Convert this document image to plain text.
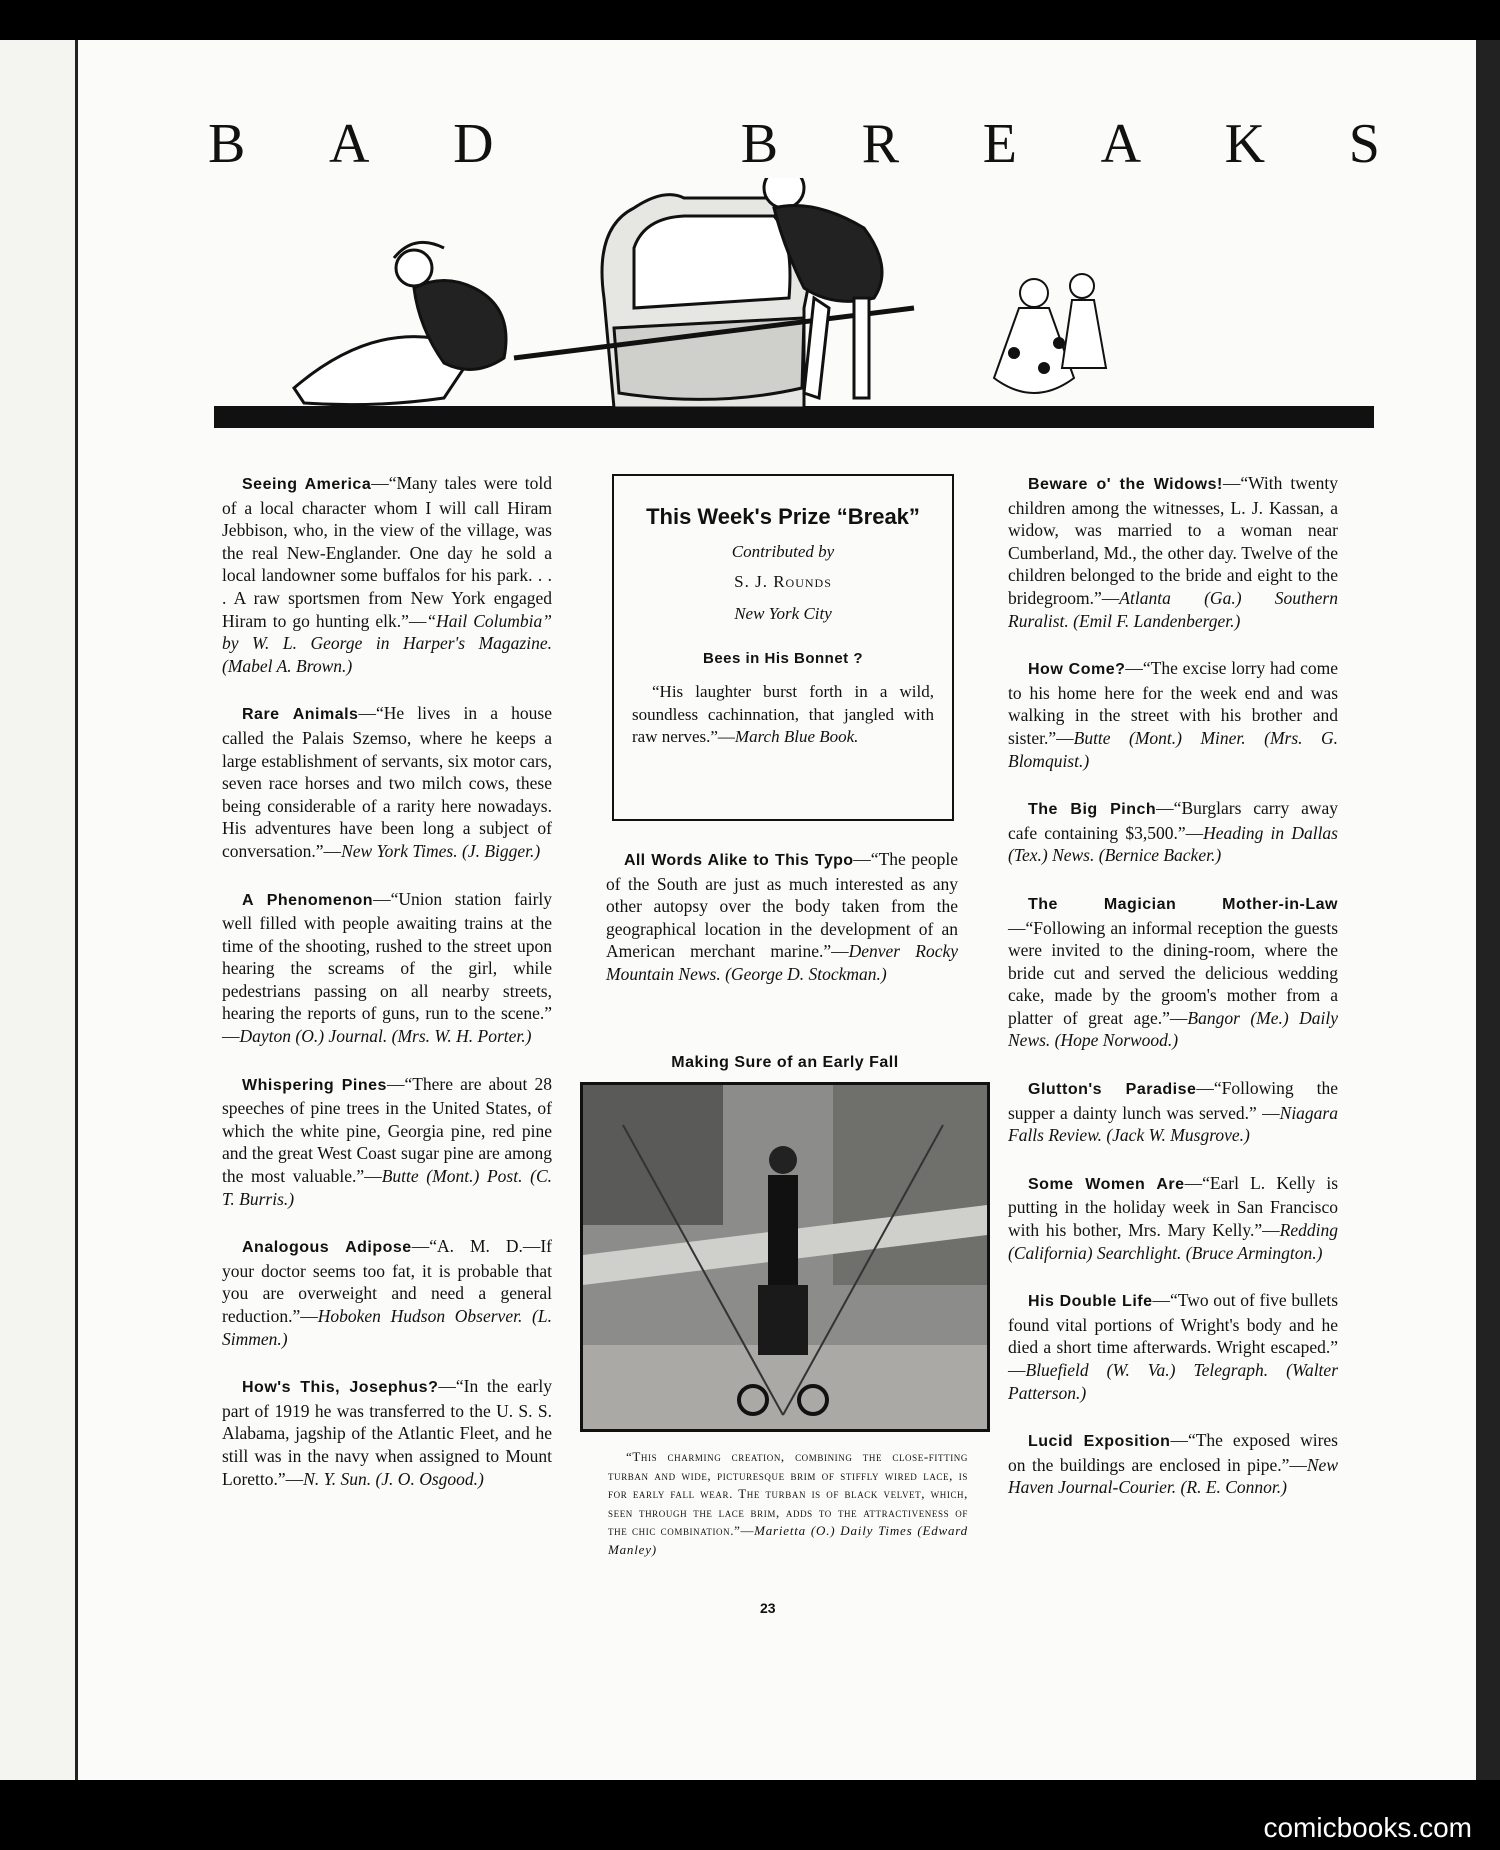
B A D	B R E A K S

Seeing America—“Many tales were told of a local character whom I will call Hiram Jebbison, who, in the view of the village, was the real New-Englander. One day he sold a local landowner some buffalos for his park. . . . A raw sportsmen from New York engaged Hiram to go hunting elk.”—“Hail Columbia” by W. L. George in Harper's Magazine. (Mabel A. Brown.)

Rare Animals—“He lives in a house called the Palais Szemso, where he keeps a large establishment of servants, six motor cars, seven race horses and two milch cows, these being considerable of a rarity here nowadays. His adventures have been long a subject of conversation.”—New York Times. (J. Bigger.)

A Phenomenon—“Union station fairly well filled with people awaiting trains at the time of the shooting, rushed to the street upon hearing the screams of the girl, while pedestrians passing on all nearby streets, hearing the reports of guns, run to the scene.” —Dayton (O.) Journal. (Mrs. W. H. Porter.)

Whispering Pines—“There are about 28 speeches of pine trees in the United States, of which the white pine, Georgia pine, red pine and the great West Coast sugar pine are among the most valuable.”—Butte (Mont.) Post. (C. T. Burris.)

Analogous Adipose—“A. M. D.—If your doctor seems too fat, it is probable that you are overweight and need a general reduction.”—Hoboken Hudson Observer. (L. Simmen.)

How's This, Josephus?—“In the early part of 1919 he was transferred to the U. S. S. Alabama, jagship of the Atlantic Fleet, and he still was in the navy when assigned to Mount Loretto.”—N. Y. Sun. (J. O. Osgood.)

This Week's Prize “Break”
Contributed by
S. J. Rounds
New York City
Bees in His Bonnet ?
“His laughter burst forth in a wild, soundless cachinnation, that jangled with raw nerves.”—March Blue Book.
All Words Alike to This Typo—“The people of the South are just as much interested as any other autopsy over the body taken from the geographical location in the development of an American merchant marine.”—Denver Rocky Mountain News. (George D. Stockman.)
Making Sure of an Early Fall
“This charming creation, combining the close-fitting turban and wide, picturesque brim of stiffly wired lace, is for early fall wear. The turban is of black velvet, which, seen through the lace brim, adds to the attractiveness of the chic combination.”—Marietta (O.) Daily Times (Edward Manley)

Beware o' the Widows!—“With twenty children among the witnesses, L. J. Kassan, a widow, was married to a woman near Cumberland, Md., the other day. Twelve of the children belonged to the bride and eight to the bridegroom.”—Atlanta (Ga.) Southern Ruralist. (Emil F. Landenberger.)

How Come?—“The excise lorry had come to his home here for the week end and was walking in the street with his brother and sister.”—Butte (Mont.) Miner. (Mrs. G. Blomquist.)

The Big Pinch—“Burglars carry away cafe containing $3,500.”—Heading in Dallas (Tex.) News. (Bernice Backer.)

The Magician Mother-in-Law—“Following an informal reception the guests were invited to the dining-room, where the bride cut and served the delicious wedding cake, made by the groom's mother from a platter of great age.”—Bangor (Me.) Daily News. (Hope Norwood.)

Glutton's Paradise—“Following the supper a dainty lunch was served.” —Niagara Falls Review. (Jack W. Musgrove.)

Some Women Are—“Earl L. Kelly is putting in the holiday week in San Francisco with his bother, Mrs. Mary Kelly.”—Redding (California) Searchlight. (Bruce Armington.)

His Double Life—“Two out of five bullets found vital portions of Wright's body and he died a short time afterwards. Wright escaped.” —Bluefield (W. Va.) Telegraph. (Walter Patterson.)

Lucid Exposition—“The exposed wires on the buildings are enclosed in pipe.”—New Haven Journal-Courier. (R. E. Connor.)

23
comicbooks.com
